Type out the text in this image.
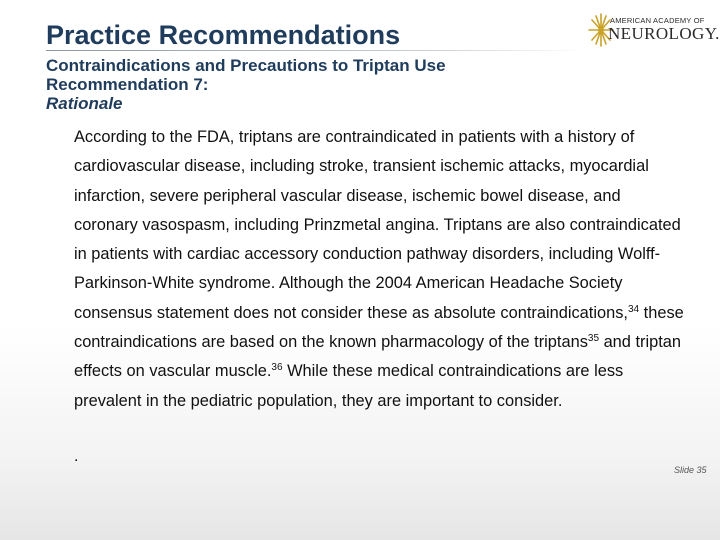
Practice Recommendations	AMERICAN ACADEMY OF
NEUROLOGY.
Contraindications and Precautions to Triptan Use
Recommendation 7:
Rationale
According to the FDA, triptans are contraindicated in patients with a history of cardiovascular disease, including stroke, transient ischemic attacks, myocardial infarction, severe peripheral vascular disease, ischemic bowel disease, and coronary vasospasm, including Prinzmetal angina. Triptans are also contraindicated in patients with cardiac accessory conduction pathway disorders, including Wolff-Parkinson-White syndrome. Although the 2004 American Headache Society consensus statement does not consider these as absolute contraindications,$^{34}$ these contraindications are based on the known pharmacology of the triptans$^{35}$ and triptan effects on vascular muscle.$^{36}$ While these medical contraindications are less prevalent in the pediatric population, they are important to consider.
.
Slide 35
